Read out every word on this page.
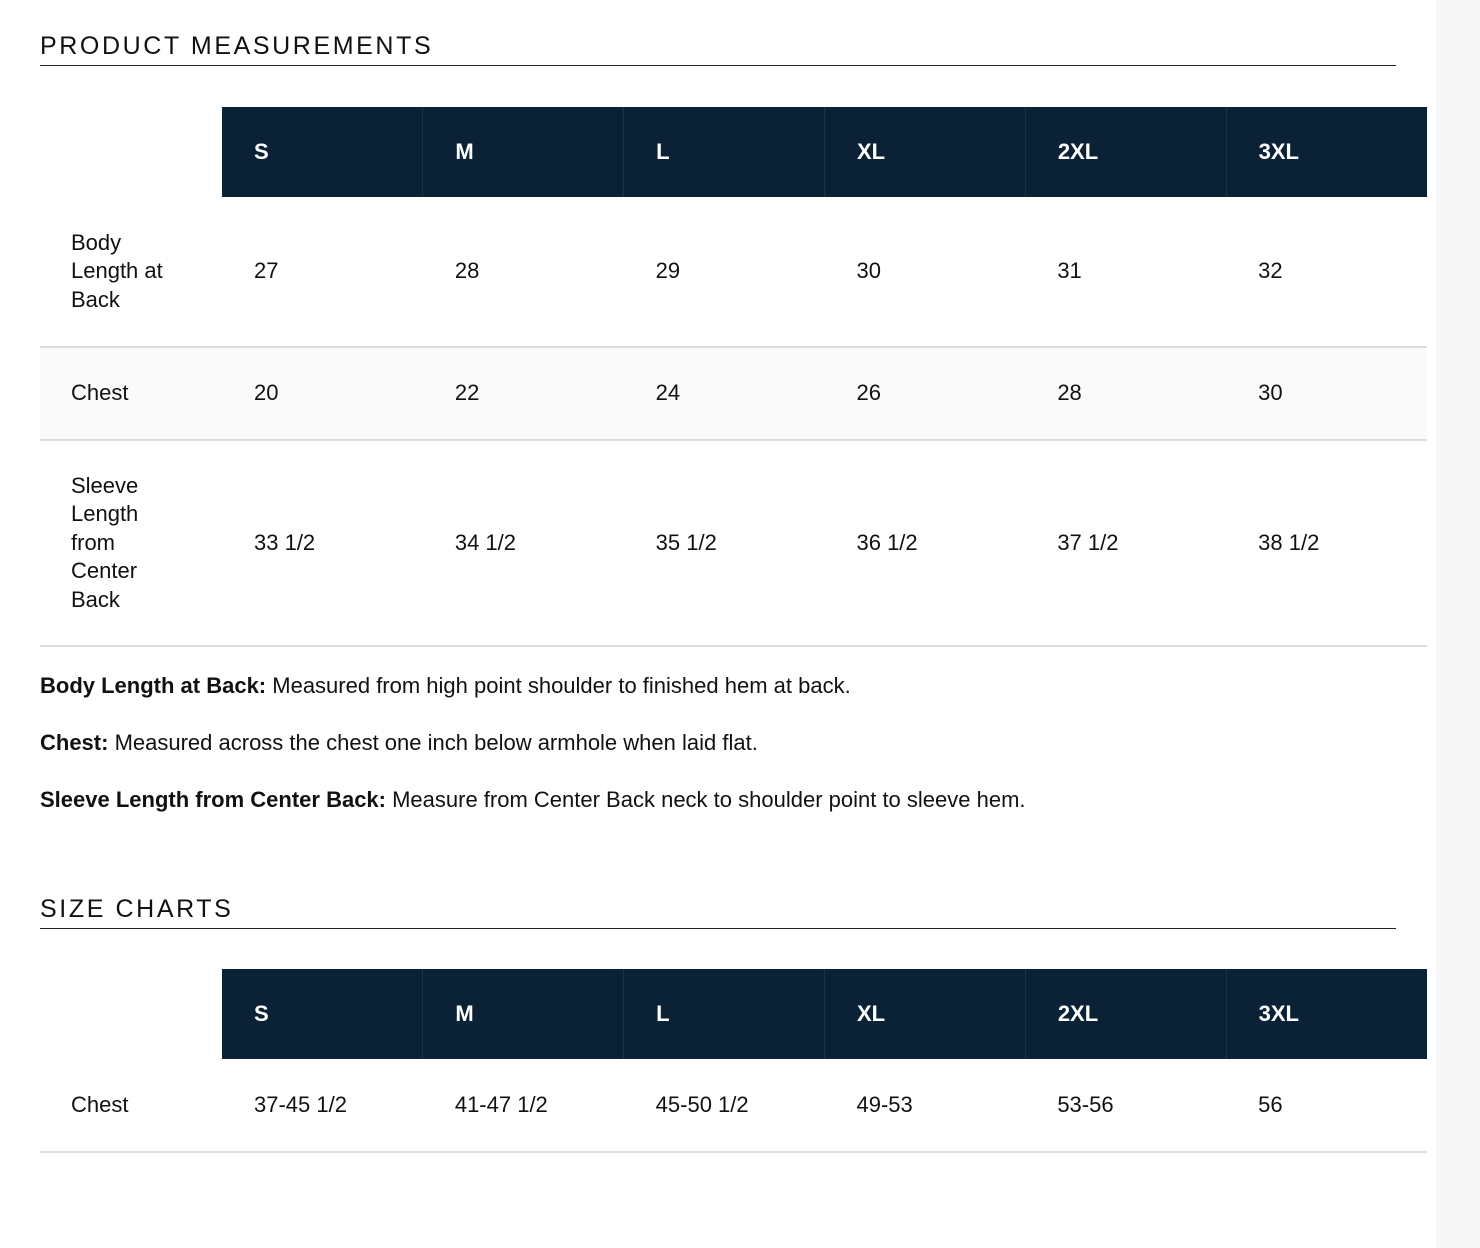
PRODUCT MEASUREMENTS
	S	M	L	XL	2XL	3XL
Body Length at Back	27	28	29	30	31	32
Chest	20	22	24	26	28	30
Sleeve Length from Center Back	33 1/2	34 1/2	35 1/2	36 1/2	37 1/2	38 1/2

Body Length at Back: Measured from high point shoulder to finished hem at back.

Chest: Measured across the chest one inch below armhole when laid flat.

Sleeve Length from Center Back: Measure from Center Back neck to shoulder point to sleeve hem.

SIZE CHARTS
	S	M	L	XL	2XL	3XL
Chest	37-45 1/2	41-47 1/2	45-50 1/2	49-53	53-56	56
